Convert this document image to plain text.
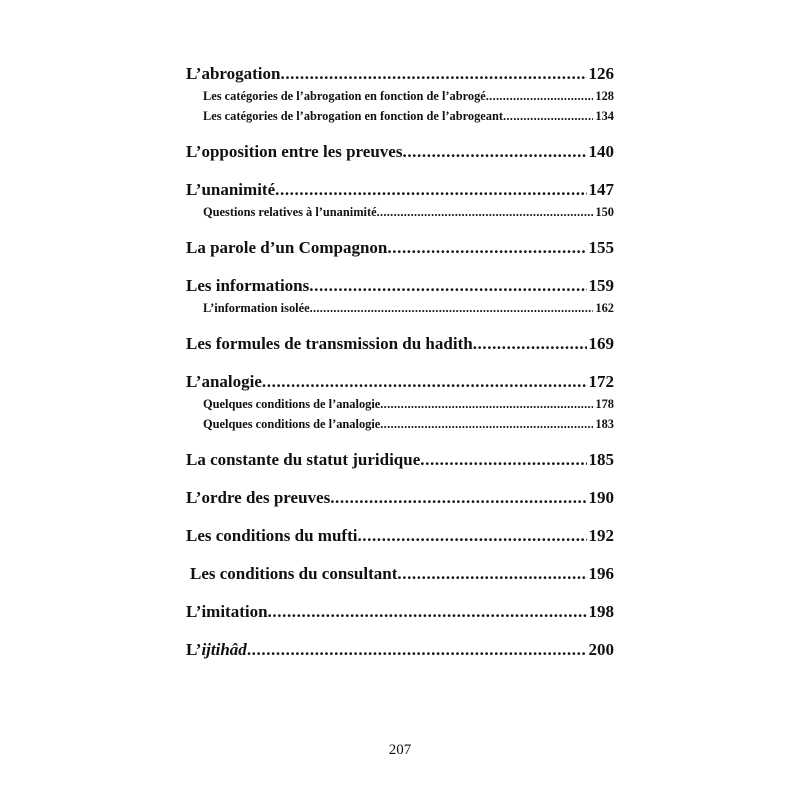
L’abrogation .....	126
Les catégories de l’abrogation en fonction de l’abrogé .....	128
Les catégories de l’abrogation en fonction de l’abrogeant .....	134
L’opposition entre les preuves .....	140
L’unanimité .....	147
Questions relatives à l’unanimité .....	150
La parole d’un Compagnon .....	155
Les informations .....	159
L’information isolée .....	162
Les formules de transmission du hadith .....	169
L’analogie .....	172
Quelques conditions de l’analogie .....	178
Quelques conditions de l’analogie .....	183
La constante du statut juridique .....	185
L’ordre des preuves .....	190
Les conditions du mufti .....	192
Les conditions du consultant .....	196
L’imitation .....	198
L’ijtihâd .....	200
207
